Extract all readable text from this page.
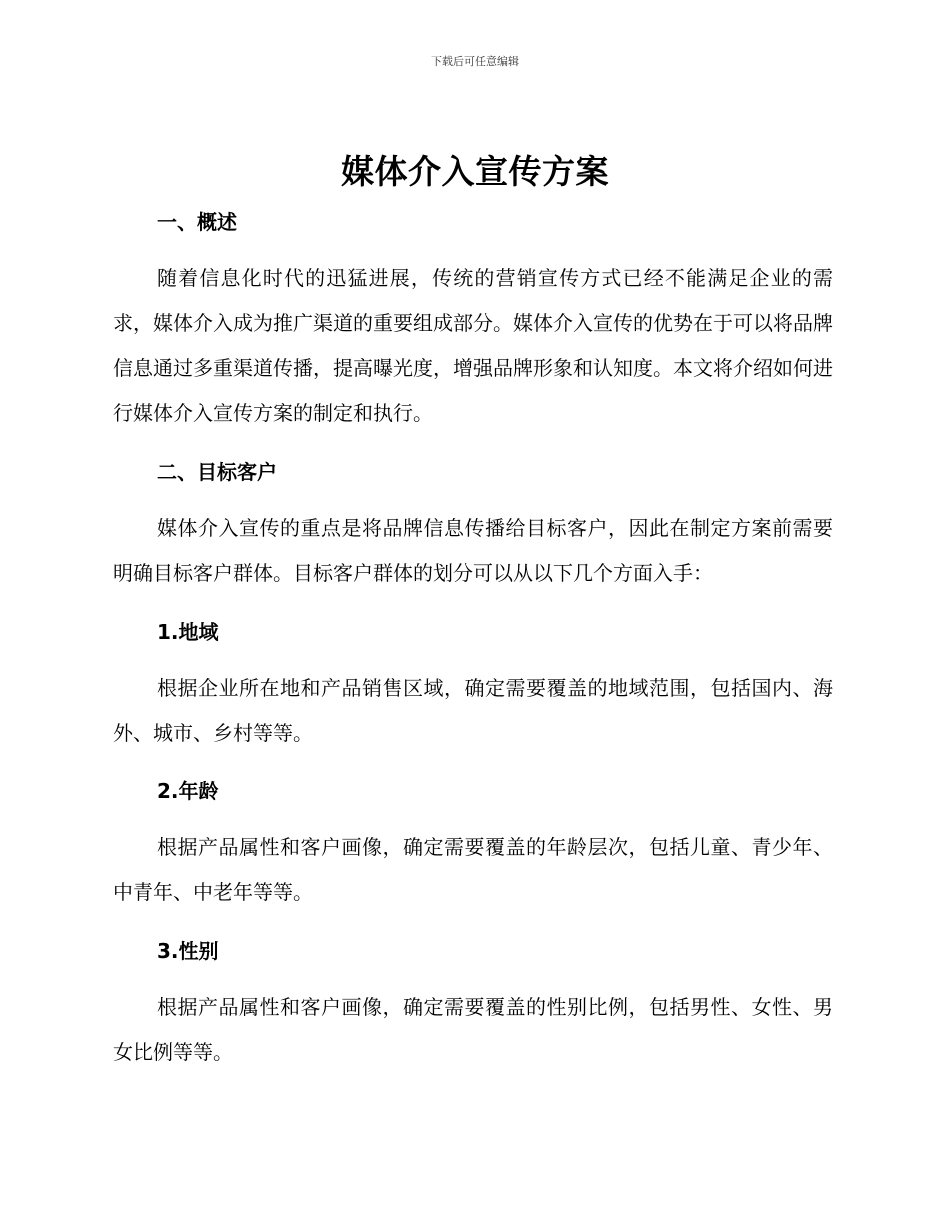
下载后可任意编辑
媒体介入宣传方案
一、概述
随着信息化时代的迅猛进展，传统的营销宣传方式已经不能满足企业的需求，媒体介入成为推广渠道的重要组成部分。媒体介入宣传的优势在于可以将品牌信息通过多重渠道传播，提高曝光度，增强品牌形象和认知度。本文将介绍如何进行媒体介入宣传方案的制定和执行。
二、目标客户
媒体介入宣传的重点是将品牌信息传播给目标客户，因此在制定方案前需要明确目标客户群体。目标客户群体的划分可以从以下几个方面入手：
1.地域
根据企业所在地和产品销售区域，确定需要覆盖的地域范围，包括国内、海外、城市、乡村等等。
2.年龄
根据产品属性和客户画像，确定需要覆盖的年龄层次，包括儿童、青少年、中青年、中老年等等。
3.性别
根据产品属性和客户画像，确定需要覆盖的性别比例，包括男性、女性、男女比例等等。
